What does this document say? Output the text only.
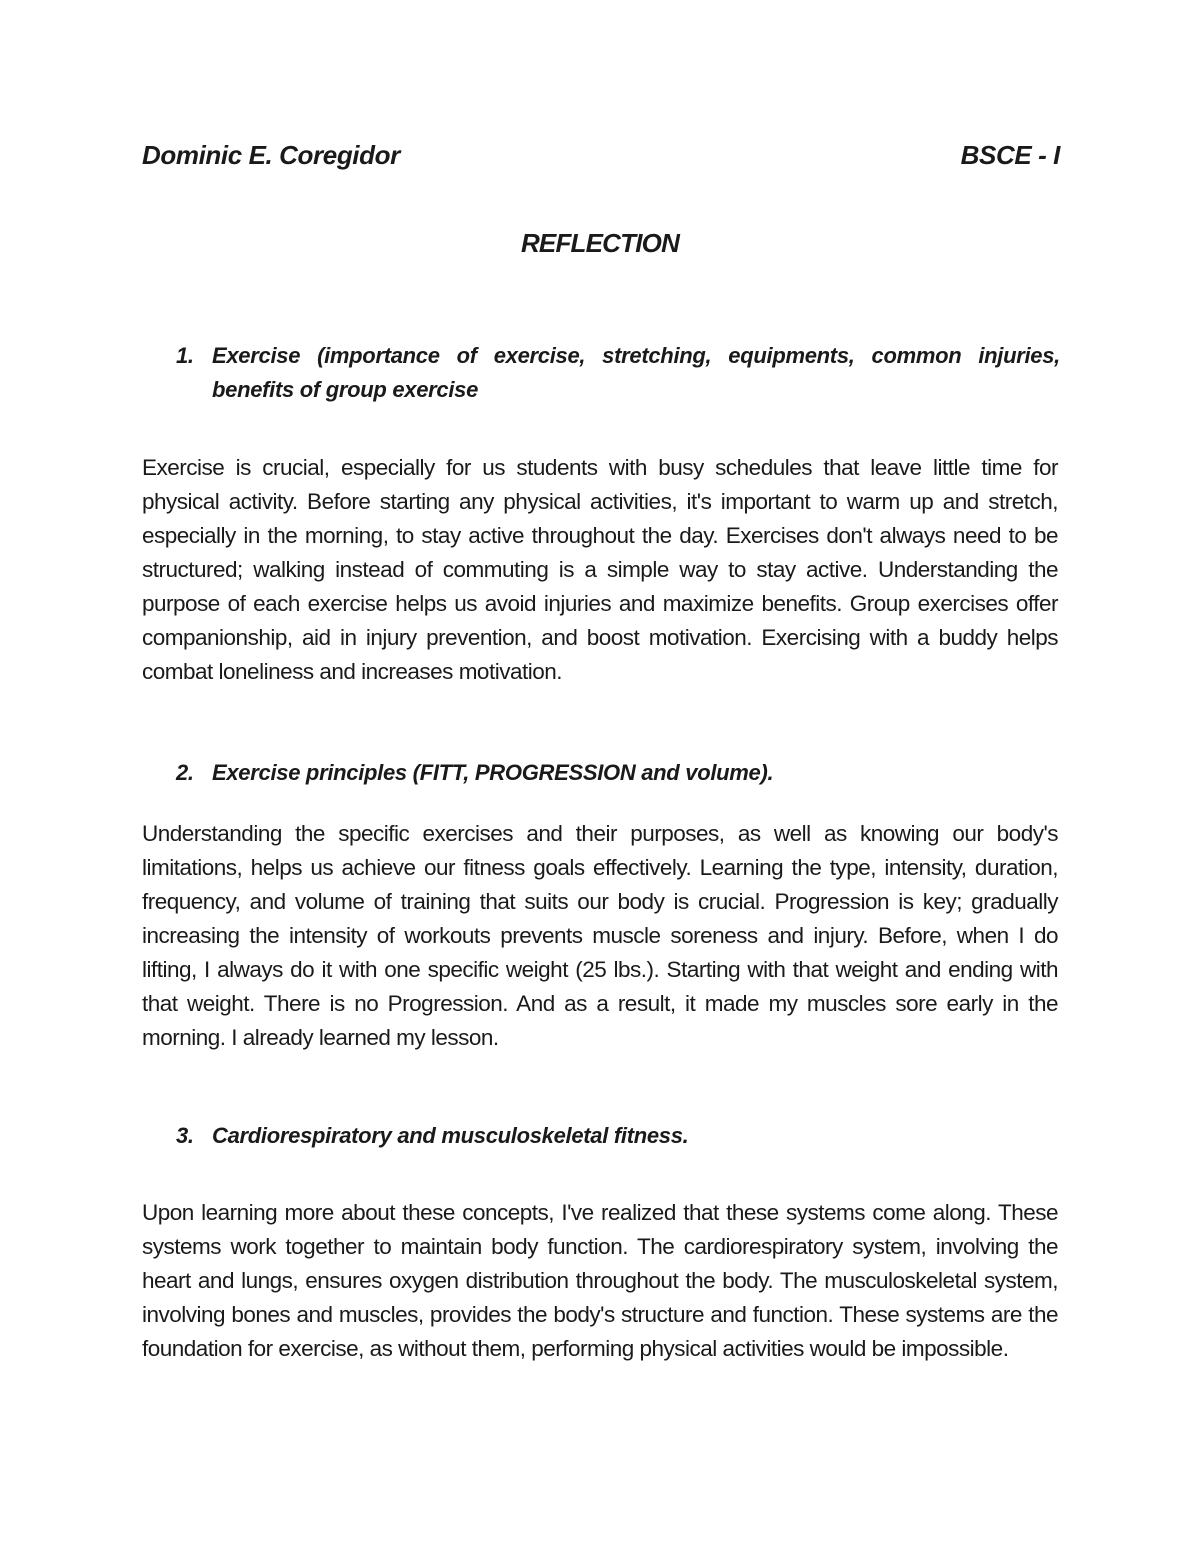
Dominic E. Coregidor	BSCE - I
REFLECTION
1. Exercise (importance of exercise, stretching, equipments, common injuries, benefits of group exercise
Exercise is crucial, especially for us students with busy schedules that leave little time for physical activity. Before starting any physical activities, it's important to warm up and stretch, especially in the morning, to stay active throughout the day. Exercises don't always need to be structured; walking instead of commuting is a simple way to stay active. Understanding the purpose of each exercise helps us avoid injuries and maximize benefits. Group exercises offer companionship, aid in injury prevention, and boost motivation. Exercising with a buddy helps combat loneliness and increases motivation.
2. Exercise principles (FITT, PROGRESSION and volume).
Understanding the specific exercises and their purposes, as well as knowing our body's limitations, helps us achieve our fitness goals effectively. Learning the type, intensity, duration, frequency, and volume of training that suits our body is crucial. Progression is key; gradually increasing the intensity of workouts prevents muscle soreness and injury. Before, when I do lifting, I always do it with one specific weight (25 lbs.). Starting with that weight and ending with that weight. There is no Progression. And as a result, it made my muscles sore early in the morning. I already learned my lesson.
3. Cardiorespiratory and musculoskeletal fitness.
Upon learning more about these concepts, I've realized that these systems come along. These systems work together to maintain body function. The cardiorespiratory system, involving the heart and lungs, ensures oxygen distribution throughout the body. The musculoskeletal system, involving bones and muscles, provides the body's structure and function. These systems are the foundation for exercise, as without them, performing physical activities would be impossible.
